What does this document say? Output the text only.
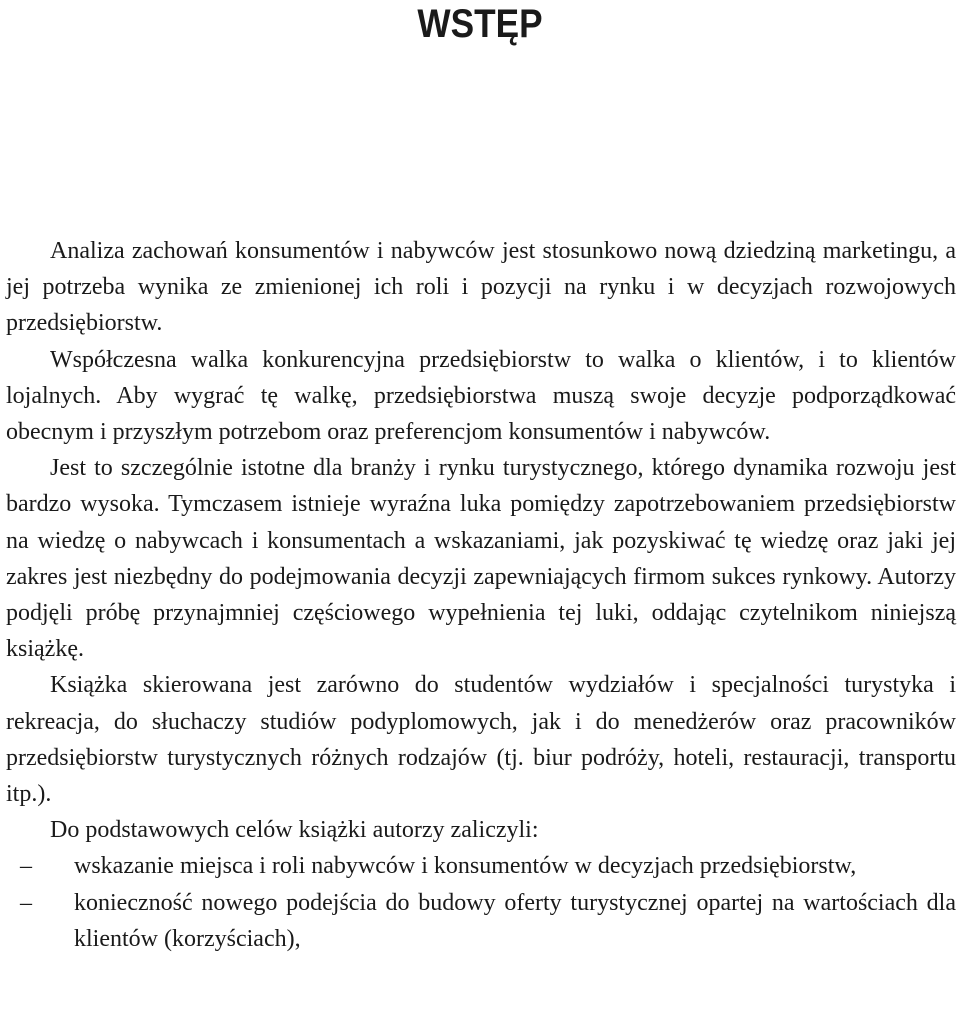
WSTĘP

Analiza zachowań konsumentów i nabywców jest stosunkowo nową dziedziną marketingu, a jej potrzeba wynika ze zmienionej ich roli i pozycji na rynku i w decyzjach rozwojowych przedsiębiorstw.

Współczesna walka konkurencyjna przedsiębiorstw to walka o klientów, i to klientów lojalnych. Aby wygrać tę walkę, przedsiębiorstwa muszą swoje decyzje podporządkować obecnym i przyszłym potrzebom oraz preferencjom konsumentów i nabywców.

Jest to szczególnie istotne dla branży i rynku turystycznego, którego dynamika rozwoju jest bardzo wysoka. Tymczasem istnieje wyraźna luka pomiędzy zapotrzebowaniem przedsiębiorstw na wiedzę o nabywcach i konsumentach a wskazaniami, jak pozyskiwać tę wiedzę oraz jaki jej zakres jest niezbędny do podejmowania decyzji zapewniających firmom sukces rynkowy. Autorzy podjęli próbę przynajmniej częściowego wypełnienia tej luki, oddając czytelnikom niniejszą książkę.

Książka skierowana jest zarówno do studentów wydziałów i specjalności turystyka i rekreacja, do słuchaczy studiów podyplomowych, jak i do menedżerów oraz pracowników przedsiębiorstw turystycznych różnych rodzajów (tj. biur podróży, hoteli, restauracji, transportu itp.).

Do podstawowych celów książki autorzy zaliczyli:

– wskazanie miejsca i roli nabywców i konsumentów w decyzjach przedsiębiorstw,
– konieczność nowego podejścia do budowy oferty turystycznej opartej na wartościach dla klientów (korzyściach),
